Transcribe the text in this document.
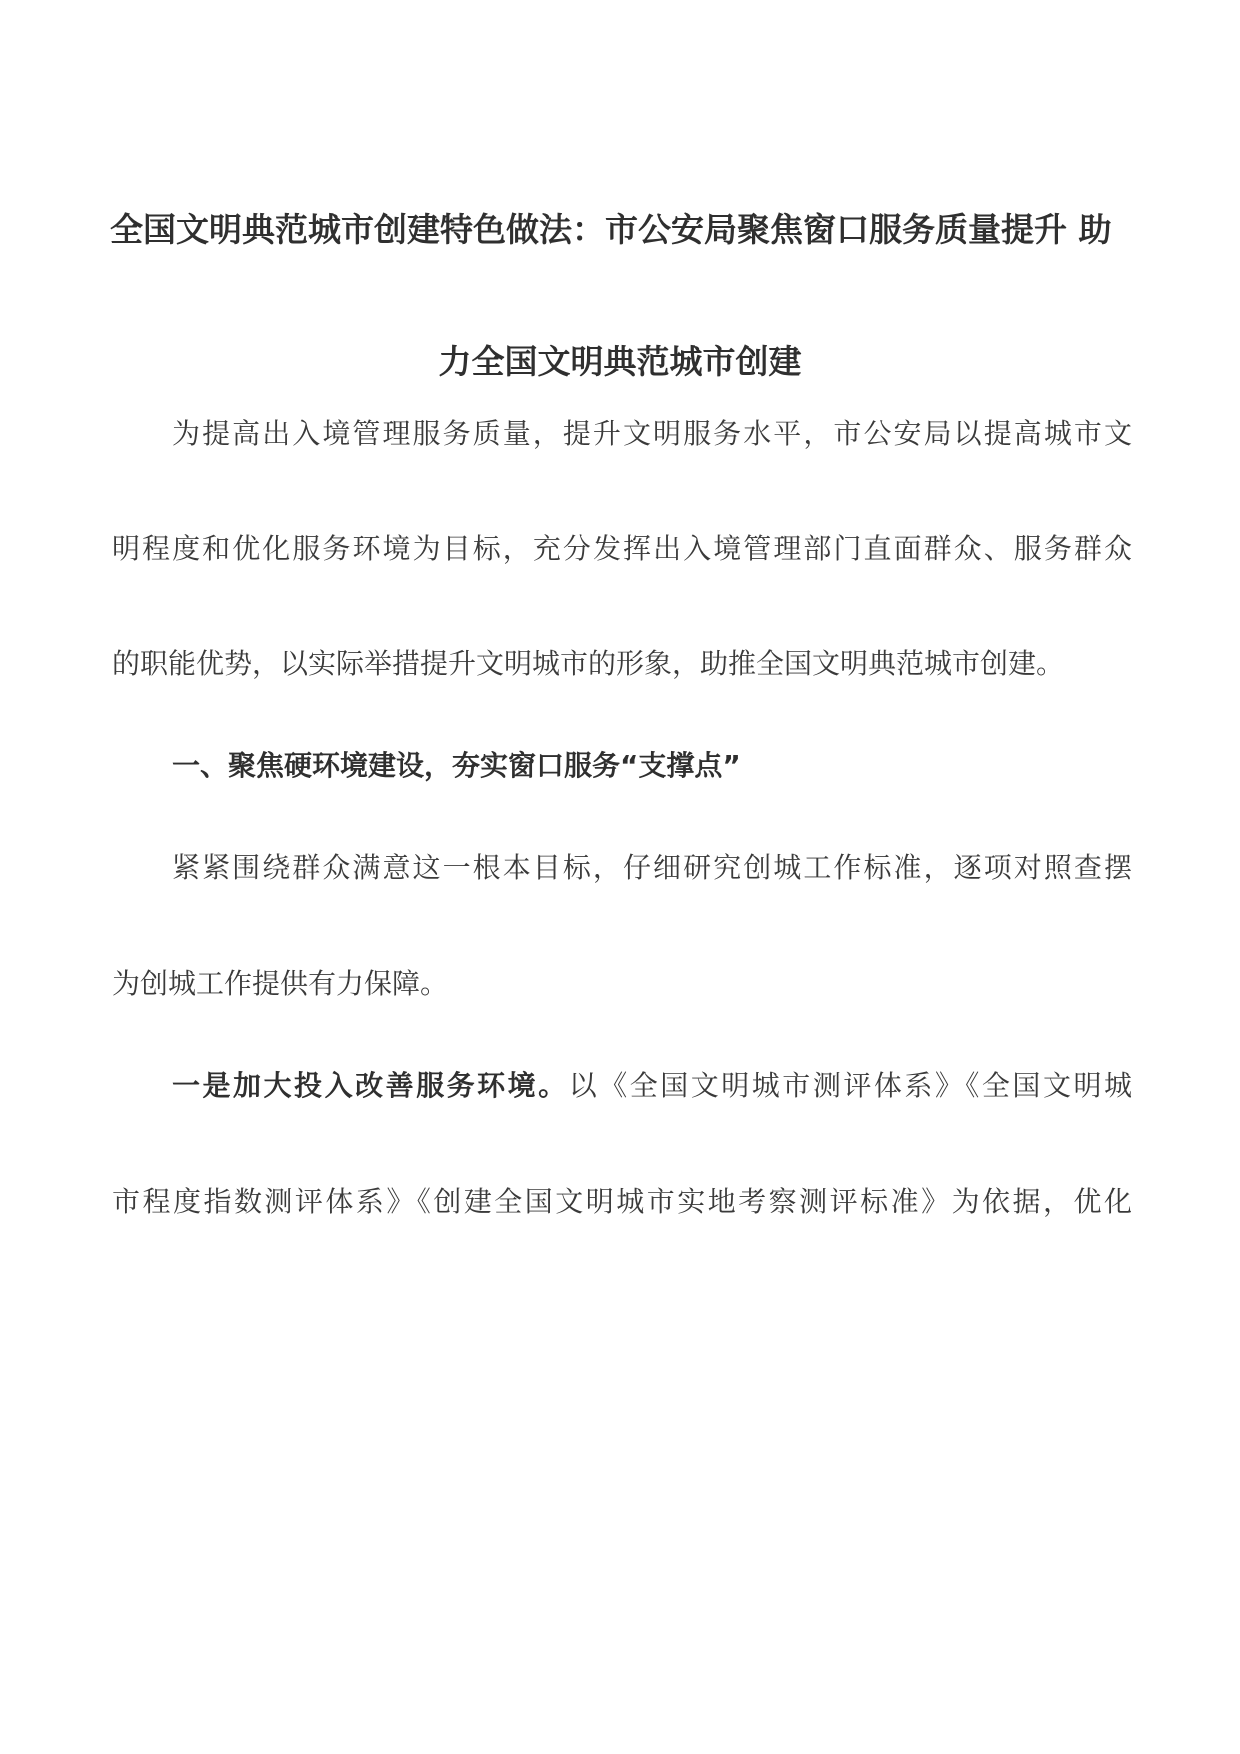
全国文明典范城市创建特色做法：市公安局聚焦窗口服务质量提升 助
力全国文明典范城市创建
为提高出入境管理服务质量，提升文明服务水平，市公安局以提高城市文
明程度和优化服务环境为目标，充分发挥出入境管理部门直面群众、服务群众
的职能优势，以实际举措提升文明城市的形象，助推全国文明典范城市创建。
一、聚焦硬环境建设，夯实窗口服务“支撑点”
紧紧围绕群众满意这一根本目标，仔细研究创城工作标准，逐项对照查摆
为创城工作提供有力保障。
一是加大投入改善服务环境。以《全国文明城市测评体系》《全国文明城
市程度指数测评体系》《创建全国文明城市实地考察测评标准》为依据，优化
